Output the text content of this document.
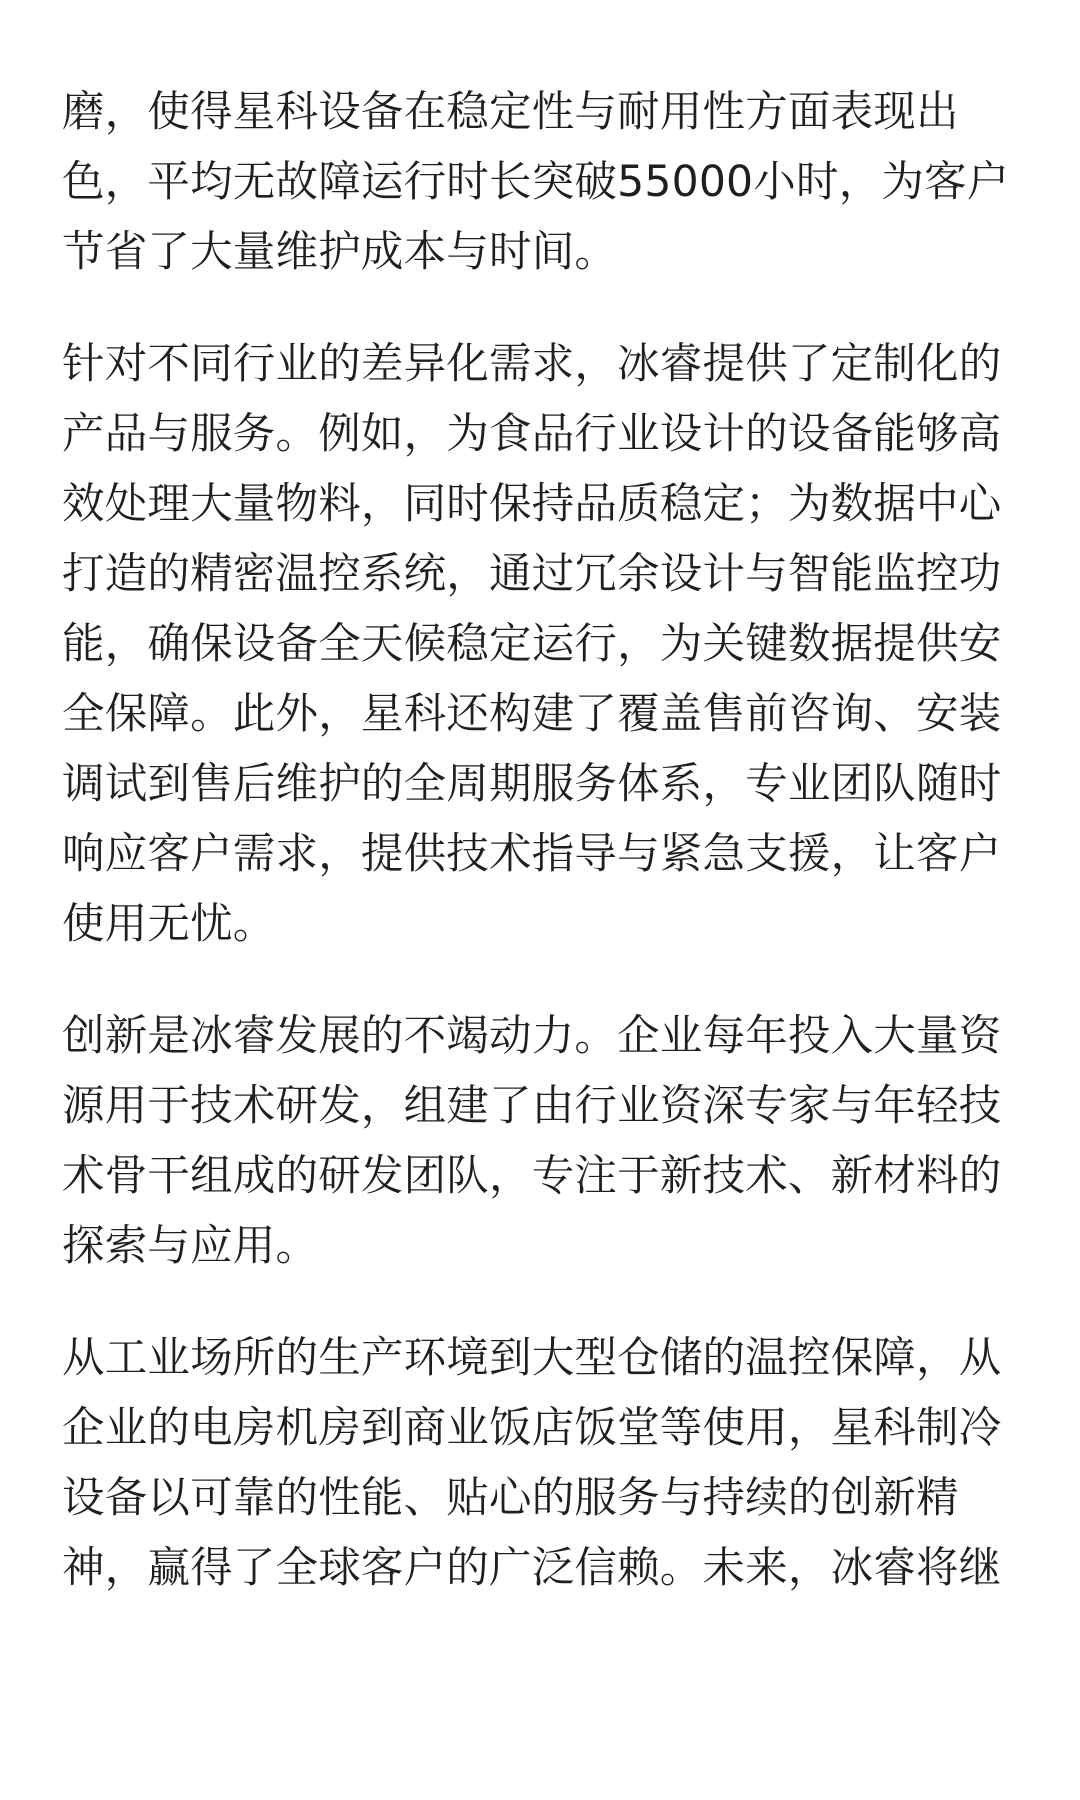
磨，使得星科设备在稳定性与耐用性方面表现出
色，平均无故障运行时长突破55000小时，为客户
节省了大量维护成本与时间。

针对不同行业的差异化需求，冰睿提供了定制化的
产品与服务。例如，为食品行业设计的设备能够高
效处理大量物料，同时保持品质稳定；为数据中心
打造的精密温控系统，通过冗余设计与智能监控功
能，确保设备全天候稳定运行，为关键数据提供安
全保障。此外，星科还构建了覆盖售前咨询、安装
调试到售后维护的全周期服务体系，专业团队随时
响应客户需求，提供技术指导与紧急支援，让客户
使用无忧。

创新是冰睿发展的不竭动力。企业每年投入大量资
源用于技术研发，组建了由行业资深专家与年轻技
术骨干组成的研发团队，专注于新技术、新材料的
探索与应用。

从工业场所的生产环境到大型仓储的温控保障，从
企业的电房机房到商业饭店饭堂等使用，星科制冷
设备以可靠的性能、贴心的服务与持续的创新精
神，赢得了全球客户的广泛信赖。未来，冰睿将继
